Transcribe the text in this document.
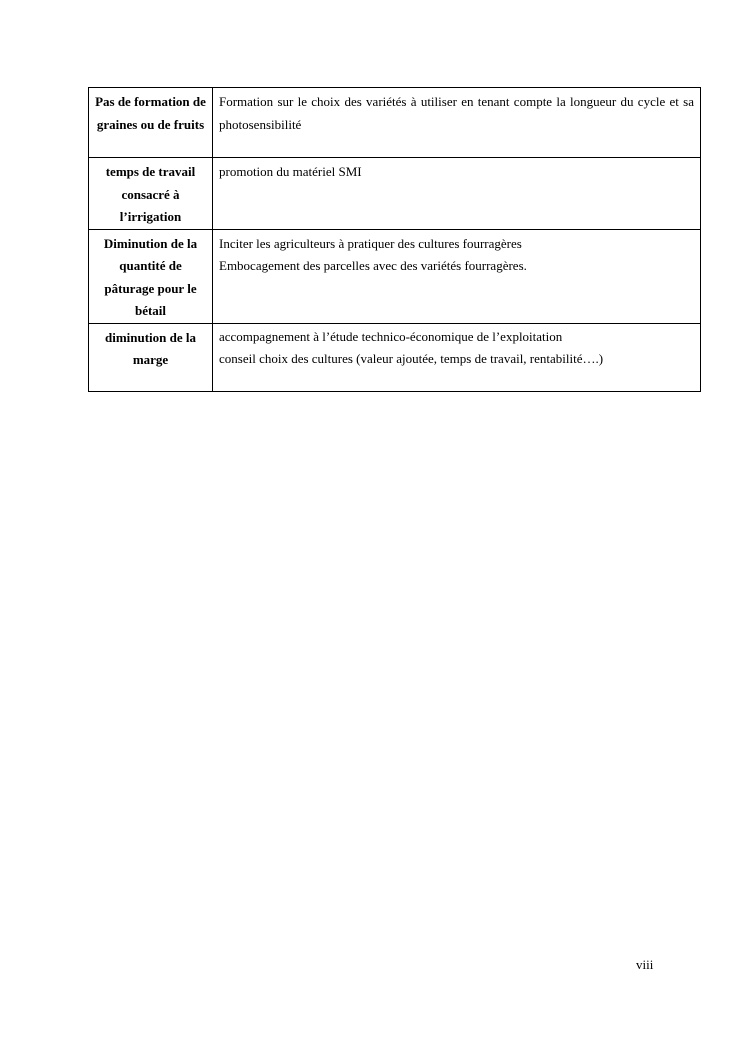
Pas de formation de graines ou de fruits	Formation sur le choix des variétés à utiliser en tenant compte la longueur du cycle et sa photosensibilité

temps de travail consacré à l’irrigation	promotion du matériel SMI

Diminution de la quantité de pâturage pour le bétail	Inciter les agriculteurs à pratiquer des cultures fourragères
Embocagement des parcelles avec des variétés fourragères.

diminution de la marge	accompagnement à l’étude technico-économique de l’exploitation
conseil choix des cultures (valeur ajoutée, temps de travail, rentabilité….)
viii
